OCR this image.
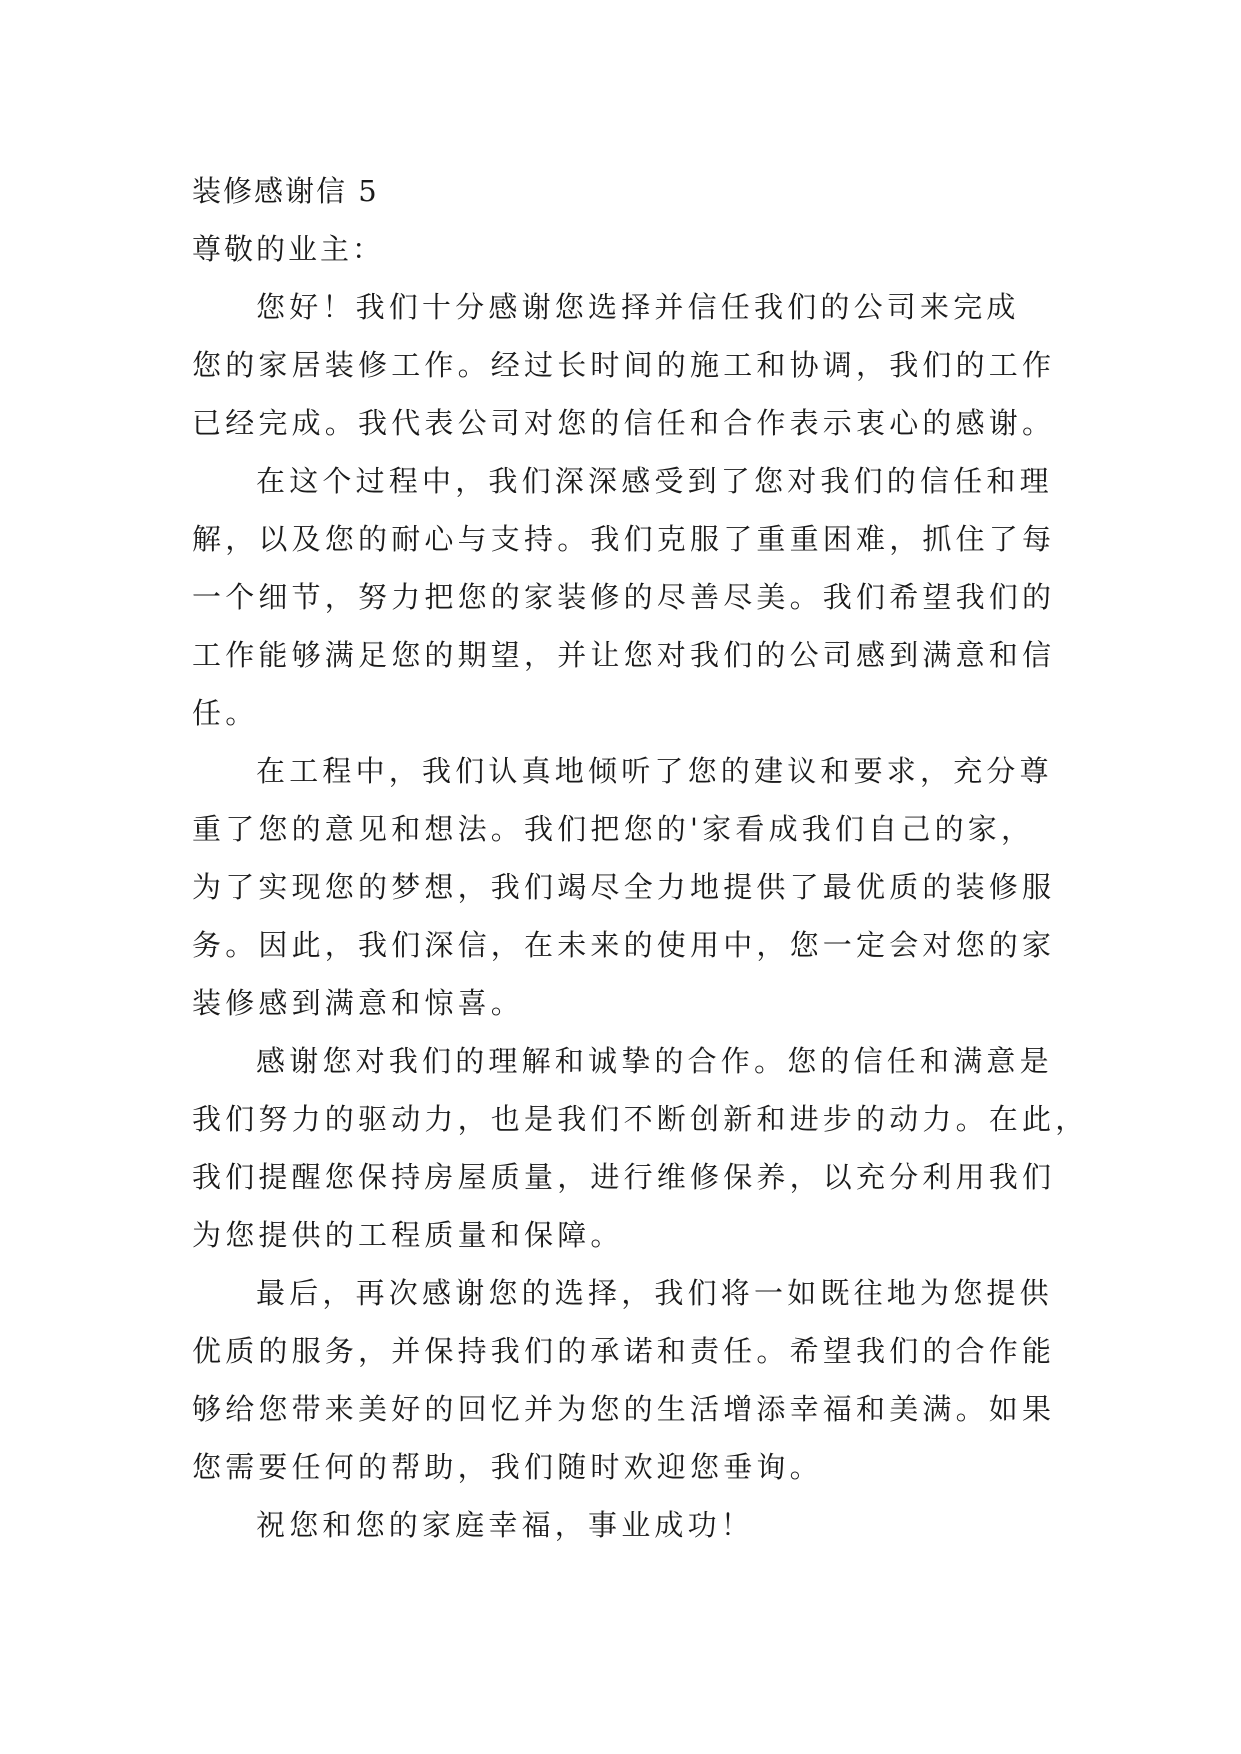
装修感谢信 5
尊敬的业主：
您好！我们十分感谢您选择并信任我们的公司来完成
您的家居装修工作。经过长时间的施工和协调，我们的工作
已经完成。我代表公司对您的信任和合作表示衷心的感谢。
在这个过程中，我们深深感受到了您对我们的信任和理
解，以及您的耐心与支持。我们克服了重重困难，抓住了每
一个细节，努力把您的家装修的尽善尽美。我们希望我们的
工作能够满足您的期望，并让您对我们的公司感到满意和信
任。
在工程中，我们认真地倾听了您的建议和要求，充分尊
重了您的意见和想法。我们把您的'家看成我们自己的家，
为了实现您的梦想，我们竭尽全力地提供了最优质的装修服
务。因此，我们深信，在未来的使用中，您一定会对您的家
装修感到满意和惊喜。
感谢您对我们的理解和诚挚的合作。您的信任和满意是
我们努力的驱动力，也是我们不断创新和进步的动力。在此，
我们提醒您保持房屋质量，进行维修保养，以充分利用我们
为您提供的工程质量和保障。
最后，再次感谢您的选择，我们将一如既往地为您提供
优质的服务，并保持我们的承诺和责任。希望我们的合作能
够给您带来美好的回忆并为您的生活增添幸福和美满。如果
您需要任何的帮助，我们随时欢迎您垂询。
祝您和您的家庭幸福，事业成功！
